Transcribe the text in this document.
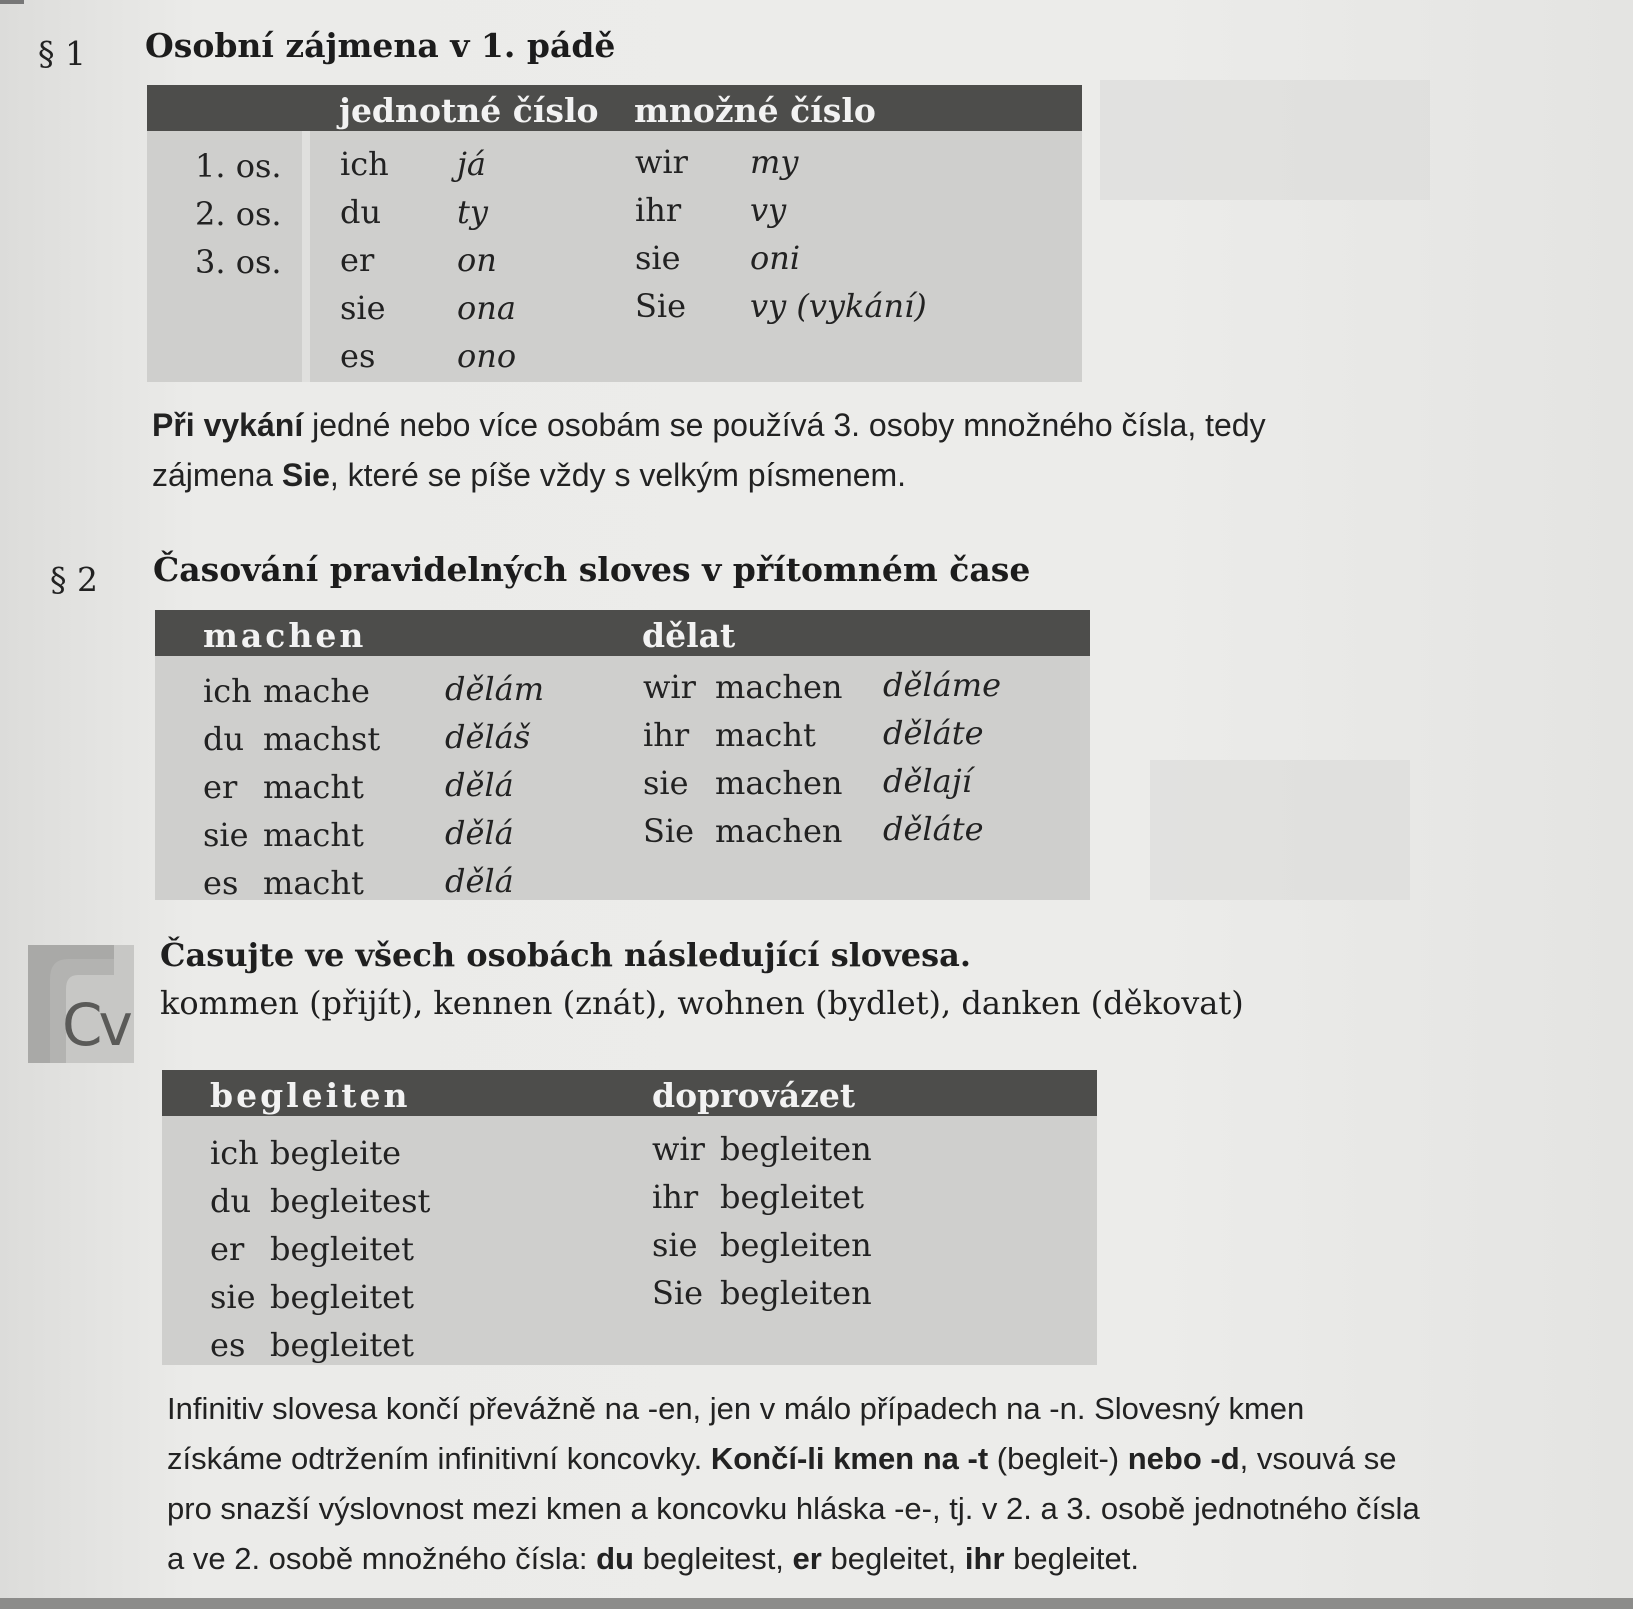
§ 1 Osobní zájmena v 1. pádě
jednotné číslo množné číslo
1. os. ich já	wir my
2. os. du ty	ihr vy
3. os. er	on	sie oni
sie ona	Sie vy (vykání)
es	ono
Při vykání jedné nebo více osobám se používá 3. osoby množného čísla, tedy
zájmena Sie, které se píše vždy s velkým písmenem.
§ 2 Časování pravidelných sloves v přítomném čase
machen	dělat
ich mache dělám	wir machen děláme
du machst děláš	ihr macht děláte
er macht	dělá	sie machen dělají
sie macht	dělá	Sie machen děláte
es macht	dělá
Cv
Časujte ve všech osobách následující slovesa.
kommen (přijít), kennen (znát), wohnen (bydlet), danken (děkovat)
begleiten	doprovázet
ich begleite	wir begleiten
du begleitest	ihr begleitet
er begleitet	sie begleiten
sie begleitet	Sie begleiten
es begleitet
Infinitiv slovesa končí převážně na -en, jen v málo případech na -n. Slovesný kmen
získáme odtržením infinitivní koncovky. Končí-li kmen na -t (begleit-) nebo -d, vsouvá se
pro snazší výslovnost mezi kmen a koncovku hláska -e-, tj. v 2. a 3. osobě jednotného čísla
a ve 2. osobě množného čísla: du begleitest, er begleitet, ihr begleitet.
